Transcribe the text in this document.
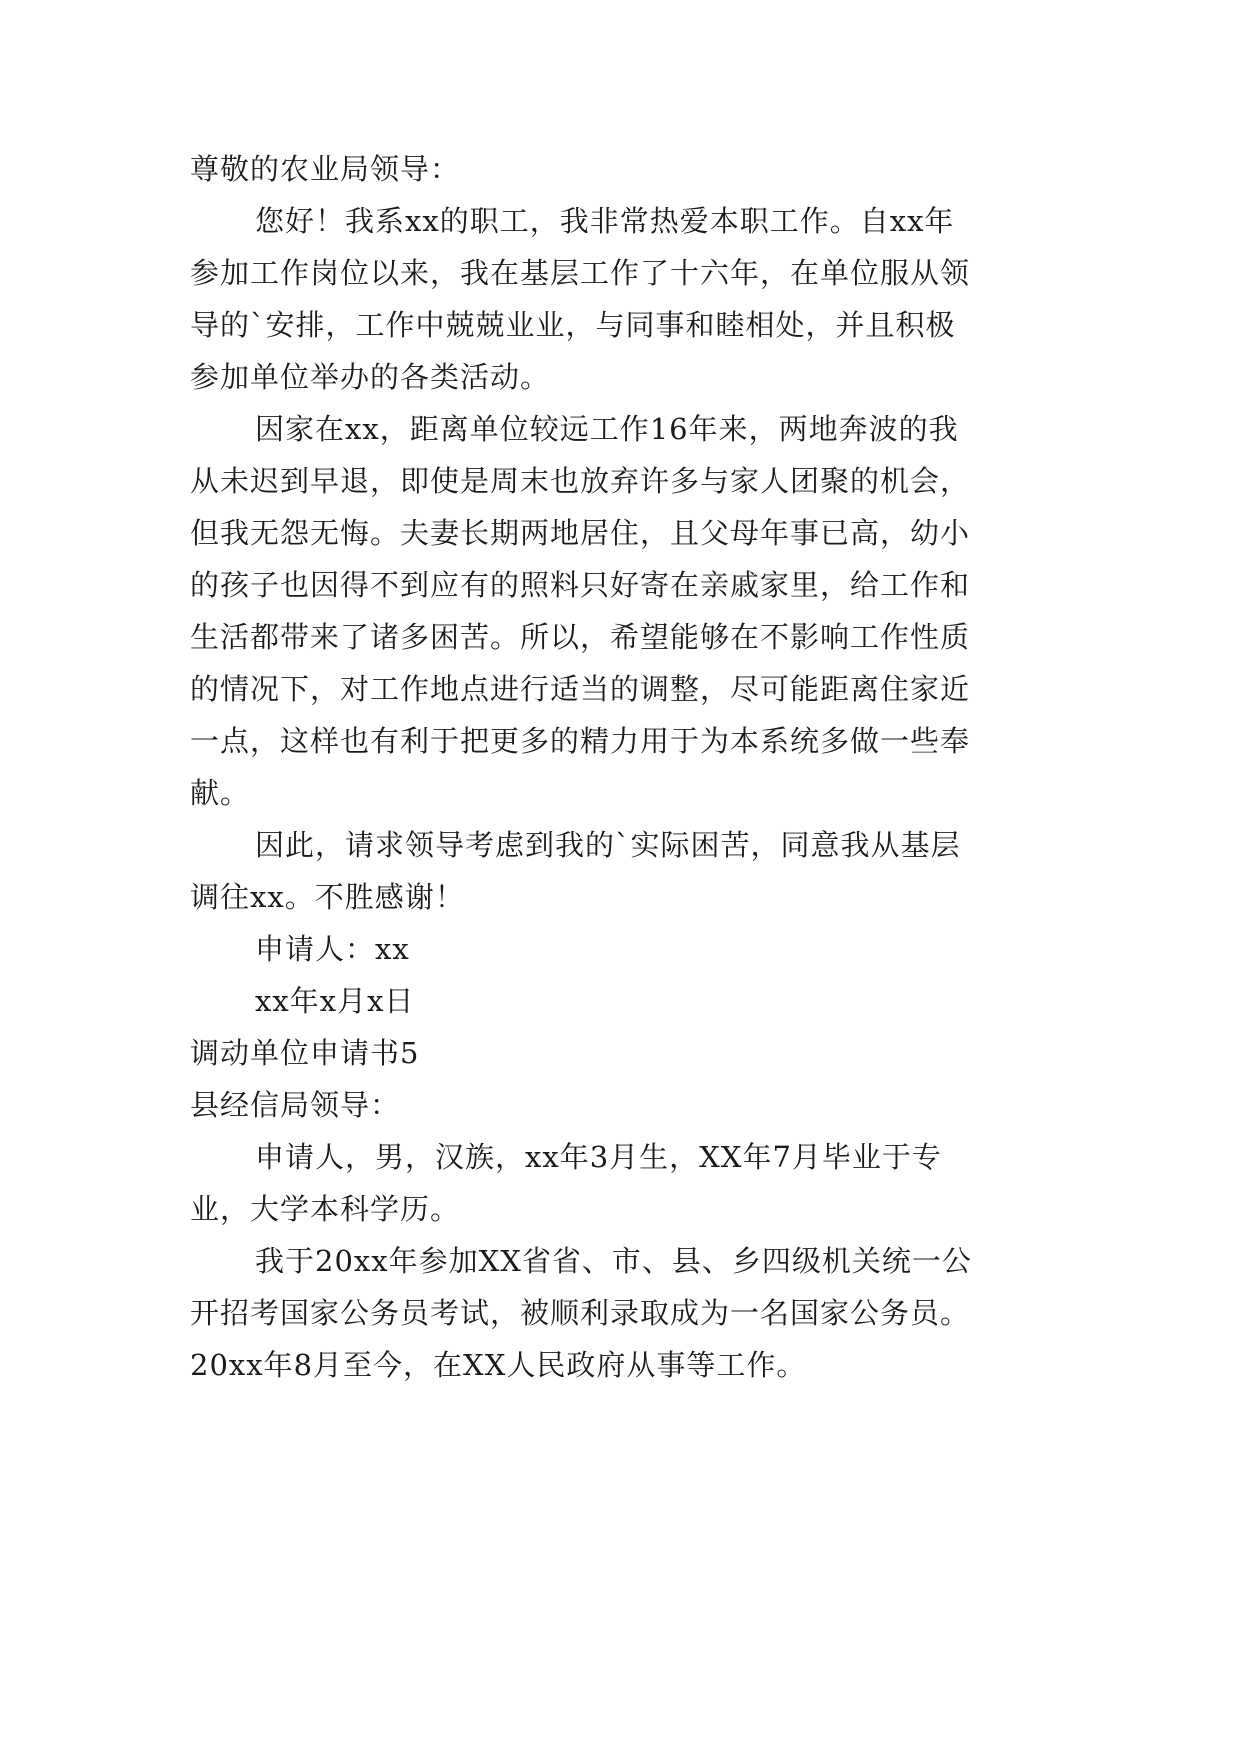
尊敬的农业局领导：
您好！我系xx的职工，我非常热爱本职工作。自xx年
参加工作岗位以来，我在基层工作了十六年，在单位服从领
导的`安排，工作中兢兢业业，与同事和睦相处，并且积极
参加单位举办的各类活动。
因家在xx，距离单位较远工作16年来，两地奔波的我
从未迟到早退，即使是周末也放弃许多与家人团聚的机会，
但我无怨无悔。夫妻长期两地居住，且父母年事已高，幼小
的孩子也因得不到应有的照料只好寄在亲戚家里，给工作和
生活都带来了诸多困苦。所以，希望能够在不影响工作性质
的情况下，对工作地点进行适当的调整，尽可能距离住家近
一点，这样也有利于把更多的精力用于为本系统多做一些奉
献。
因此，请求领导考虑到我的`实际困苦，同意我从基层
调往xx。不胜感谢！
申请人：xx
xx年x月x日
调动单位申请书5
县经信局领导：
申请人，男，汉族，xx年3月生，XX年7月毕业于专
业，大学本科学历。
我于20xx年参加XX省省、市、县、乡四级机关统一公
开招考国家公务员考试，被顺利录取成为一名国家公务员。
20xx年8月至今，在XX人民政府从事等工作。
